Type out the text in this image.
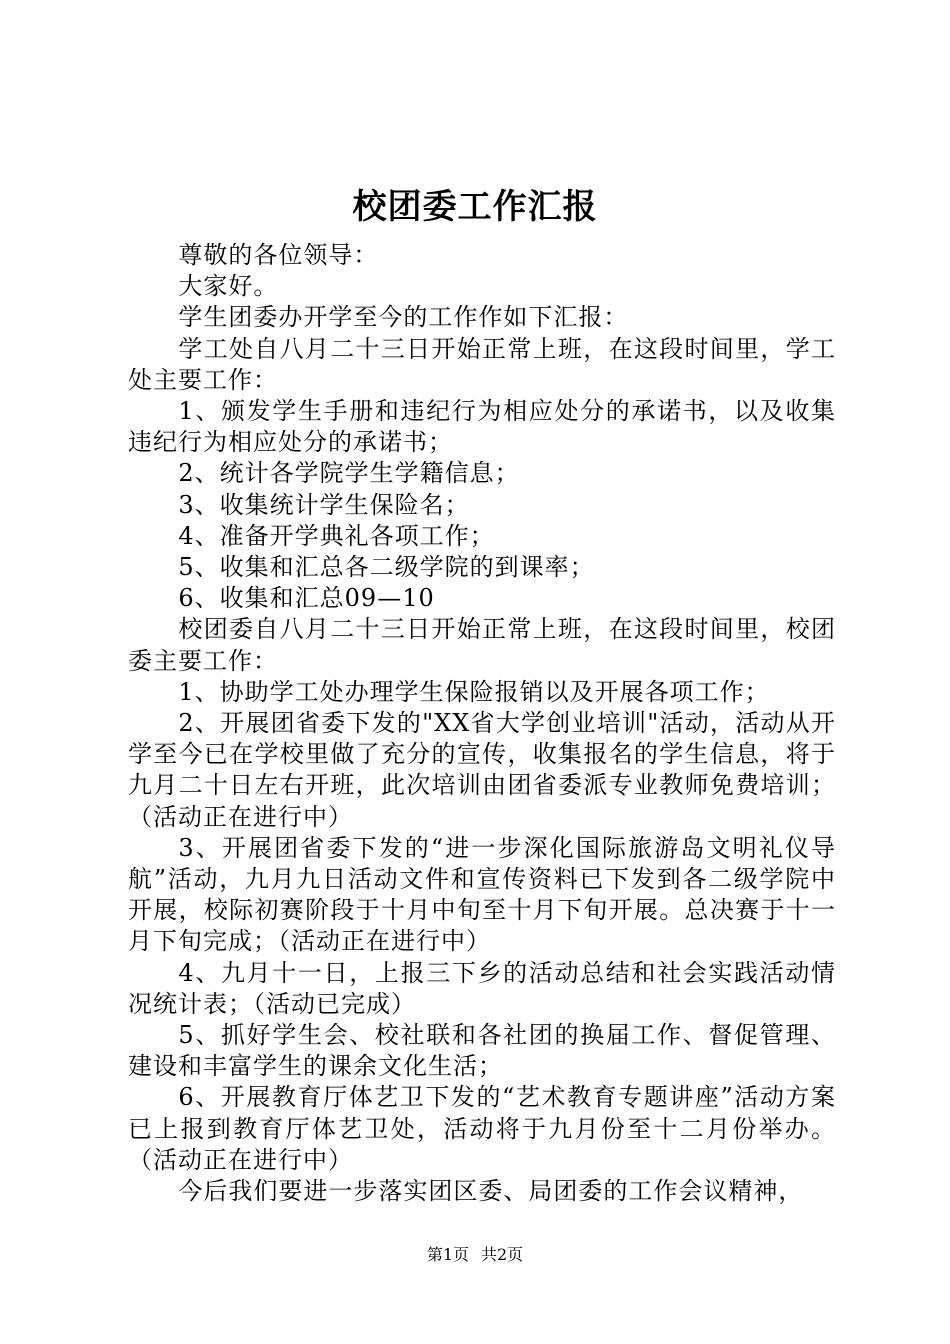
校团委工作汇报

尊敬的各位领导：

大家好。

学生团委办开学至今的工作作如下汇报：

学工处自八月二十三日开始正常上班，在这段时间里，学工处主要工作：

1、颁发学生手册和违纪行为相应处分的承诺书，以及收集违纪行为相应处分的承诺书；

2、统计各学院学生学籍信息；

3、收集统计学生保险名；

4、准备开学典礼各项工作；

5、收集和汇总各二级学院的到课率；

6、收集和汇总09—10

校团委自八月二十三日开始正常上班，在这段时间里，校团委主要工作：

1、协助学工处办理学生保险报销以及开展各项工作；

2、开展团省委下发的"XX省大学创业培训"活动，活动从开学至今已在学校里做了充分的宣传，收集报名的学生信息，将于九月二十日左右开班，此次培训由团省委派专业教师免费培训；（活动正在进行中）

3、开展团省委下发的“进一步深化国际旅游岛文明礼仪导航”活动，九月九日活动文件和宣传资料已下发到各二级学院中开展，校际初赛阶段于十月中旬至十月下旬开展。总决赛于十一月下旬完成；（活动正在进行中）

4、九月十一日，上报三下乡的活动总结和社会实践活动情况统计表；（活动已完成）

5、抓好学生会、校社联和各社团的换届工作、督促管理、建设和丰富学生的课余文化生活；

6、开展教育厅体艺卫下发的“艺术教育专题讲座”活动方案已上报到教育厅体艺卫处，活动将于九月份至十二月份举办。（活动正在进行中）

今后我们要进一步落实团区委、局团委的工作会议精神，

第1页 共2页
